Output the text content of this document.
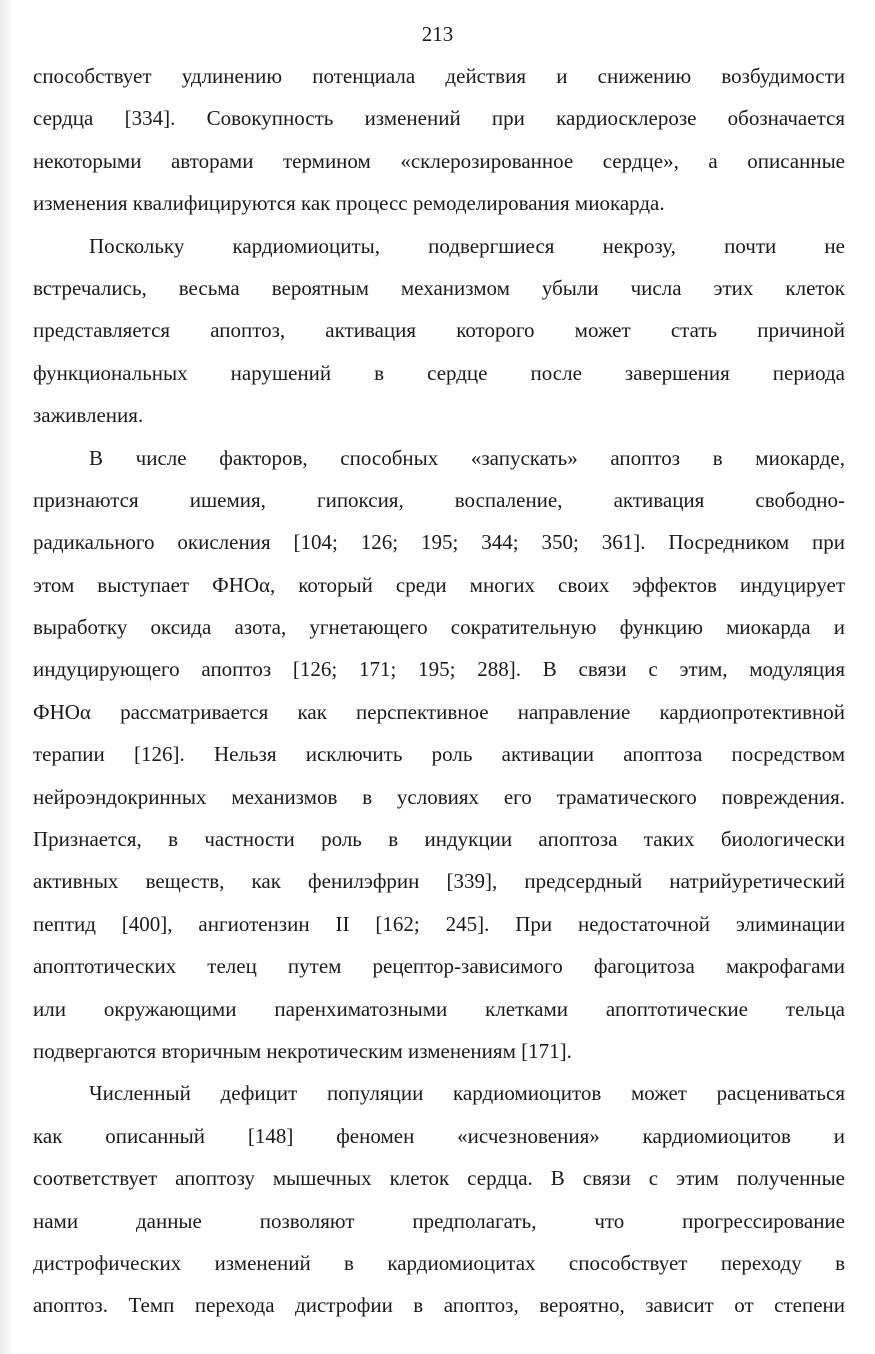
213
способствует удлинению потенциала действия и снижению возбудимости
сердца [334]. Совокупность изменений при кардиосклерозе обозначается
некоторыми авторами термином «склерозированное сердце», а описанные
изменения квалифицируются как процесс ремоделирования миокарда.
Поскольку кардиомиоциты, подвергшиеся некрозу, почти не
встречались, весьма вероятным механизмом убыли числа этих клеток
представляется апоптоз, активация которого может стать причиной
функциональных нарушений в сердце после завершения периода
заживления.
В числе факторов, способных «запускать» апоптоз в миокарде,
признаются ишемия, гипоксия, воспаление, активация свободно-
радикального окисления [104; 126; 195; 344; 350; 361]. Посредником при
этом выступает ФНОα, который среди многих своих эффектов индуцирует
выработку оксида азота, угнетающего сократительную функцию миокарда и
индуцирующего апоптоз [126; 171; 195; 288]. В связи с этим, модуляция
ФНОα рассматривается как перспективное направление кардиопротективной
терапии [126]. Нельзя исключить роль активации апоптоза посредством
нейроэндокринных механизмов в условиях его трамaтического повреждения.
Признается, в частности роль в индукции апоптоза таких биологически
активных веществ, как фенилэфрин [339], предсердный натрийуретический
пептид [400], ангиотензин II [162; 245]. При недостаточной элиминации
апоптотических телец путем рецептор-зависимого фагоцитоза макрофагами
или окружающими паренхиматозными клетками апоптотические тельца
подвергаются вторичным некротическим изменениям [171].
Численный дефицит популяции кардиомиоцитов может расцениваться
как описанный [148] феномен «исчезновения» кардиомиоцитов и
соответствует апоптозу мышечных клеток сердца. В связи с этим полученные
нами данные позволяют предполагать, что прогрессирование
дистрофических изменений в кардиомиоцитах способствует переходу в
апоптоз. Темп перехода дистрофии в апоптоз, вероятно, зависит от степени
